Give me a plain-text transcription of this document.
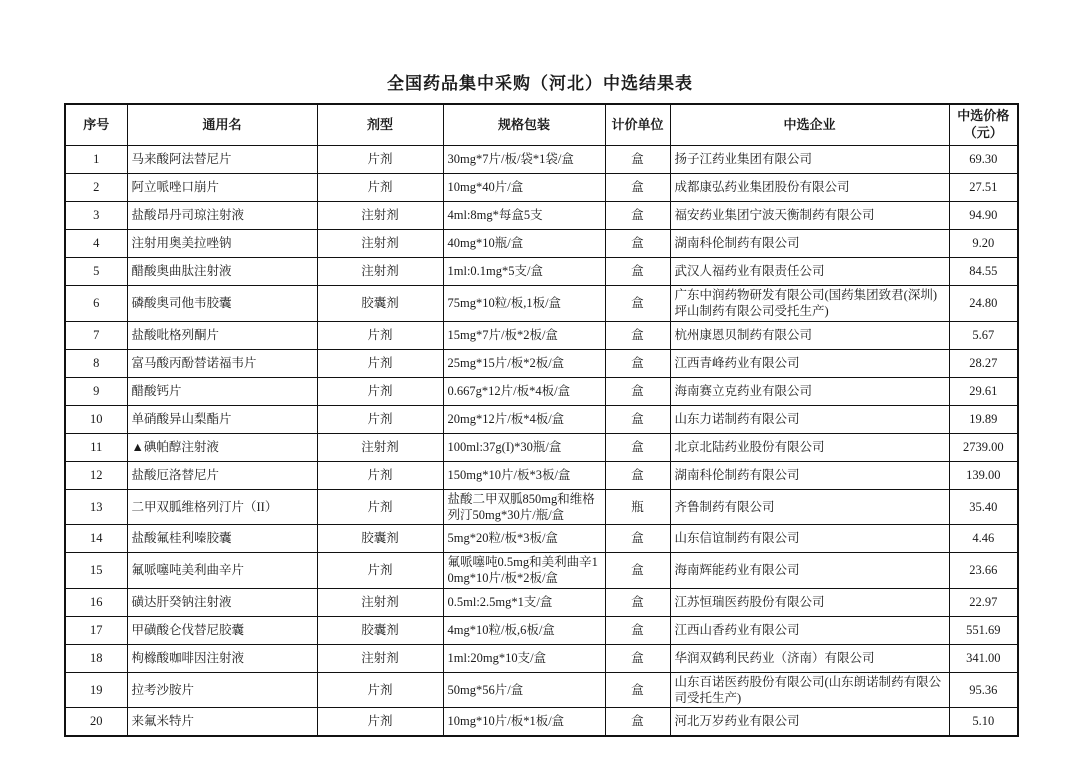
全国药品集中采购（河北）中选结果表
序号	通用名	剂型	规格包装	计价单位	中选企业	中选价格（元）
1	马来酸阿法替尼片	片剂	30mg*7片/板/袋*1袋/盒	盒	扬子江药业集团有限公司	69.30
2	阿立哌唑口崩片	片剂	10mg*40片/盒	盒	成都康弘药业集团股份有限公司	27.51
3	盐酸昂丹司琼注射液	注射剂	4ml:8mg*每盒5支	盒	福安药业集团宁波天衡制药有限公司	94.90
4	注射用奥美拉唑钠	注射剂	40mg*10瓶/盒	盒	湖南科伦制药有限公司	9.20
5	醋酸奥曲肽注射液	注射剂	1ml:0.1mg*5支/盒	盒	武汉人福药业有限责任公司	84.55
6	磷酸奥司他韦胶囊	胶囊剂	75mg*10粒/板,1板/盒	盒	广东中润药物研发有限公司(国药集团致君(深圳)坪山制药有限公司受托生产)	24.80
7	盐酸吡格列酮片	片剂	15mg*7片/板*2板/盒	盒	杭州康恩贝制药有限公司	5.67
8	富马酸丙酚替诺福韦片	片剂	25mg*15片/板*2板/盒	盒	江西青峰药业有限公司	28.27
9	醋酸钙片	片剂	0.667g*12片/板*4板/盒	盒	海南赛立克药业有限公司	29.61
10	单硝酸异山梨酯片	片剂	20mg*12片/板*4板/盒	盒	山东力诺制药有限公司	19.89
11	▲碘帕醇注射液	注射剂	100ml:37g(I)*30瓶/盒	盒	北京北陆药业股份有限公司	2739.00
12	盐酸厄洛替尼片	片剂	150mg*10片/板*3板/盒	盒	湖南科伦制药有限公司	139.00
13	二甲双胍维格列汀片（II）	片剂	盐酸二甲双胍850mg和维格列汀50mg*30片/瓶/盒	瓶	齐鲁制药有限公司	35.40
14	盐酸氟桂利嗪胶囊	胶囊剂	5mg*20粒/板*3板/盒	盒	山东信谊制药有限公司	4.46
15	氟哌噻吨美利曲辛片	片剂	氟哌噻吨0.5mg和美利曲辛10mg*10片/板*2板/盒	盒	海南辉能药业有限公司	23.66
16	磺达肝癸钠注射液	注射剂	0.5ml:2.5mg*1支/盒	盒	江苏恒瑞医药股份有限公司	22.97
17	甲磺酸仑伐替尼胶囊	胶囊剂	4mg*10粒/板,6板/盒	盒	江西山香药业有限公司	551.69
18	枸橼酸咖啡因注射液	注射剂	1ml:20mg*10支/盒	盒	华润双鹤利民药业（济南）有限公司	341.00
19	拉考沙胺片	片剂	50mg*56片/盒	盒	山东百诺医药股份有限公司(山东朗诺制药有限公司受托生产)	95.36
20	来氟米特片	片剂	10mg*10片/板*1板/盒	盒	河北万岁药业有限公司	5.10
